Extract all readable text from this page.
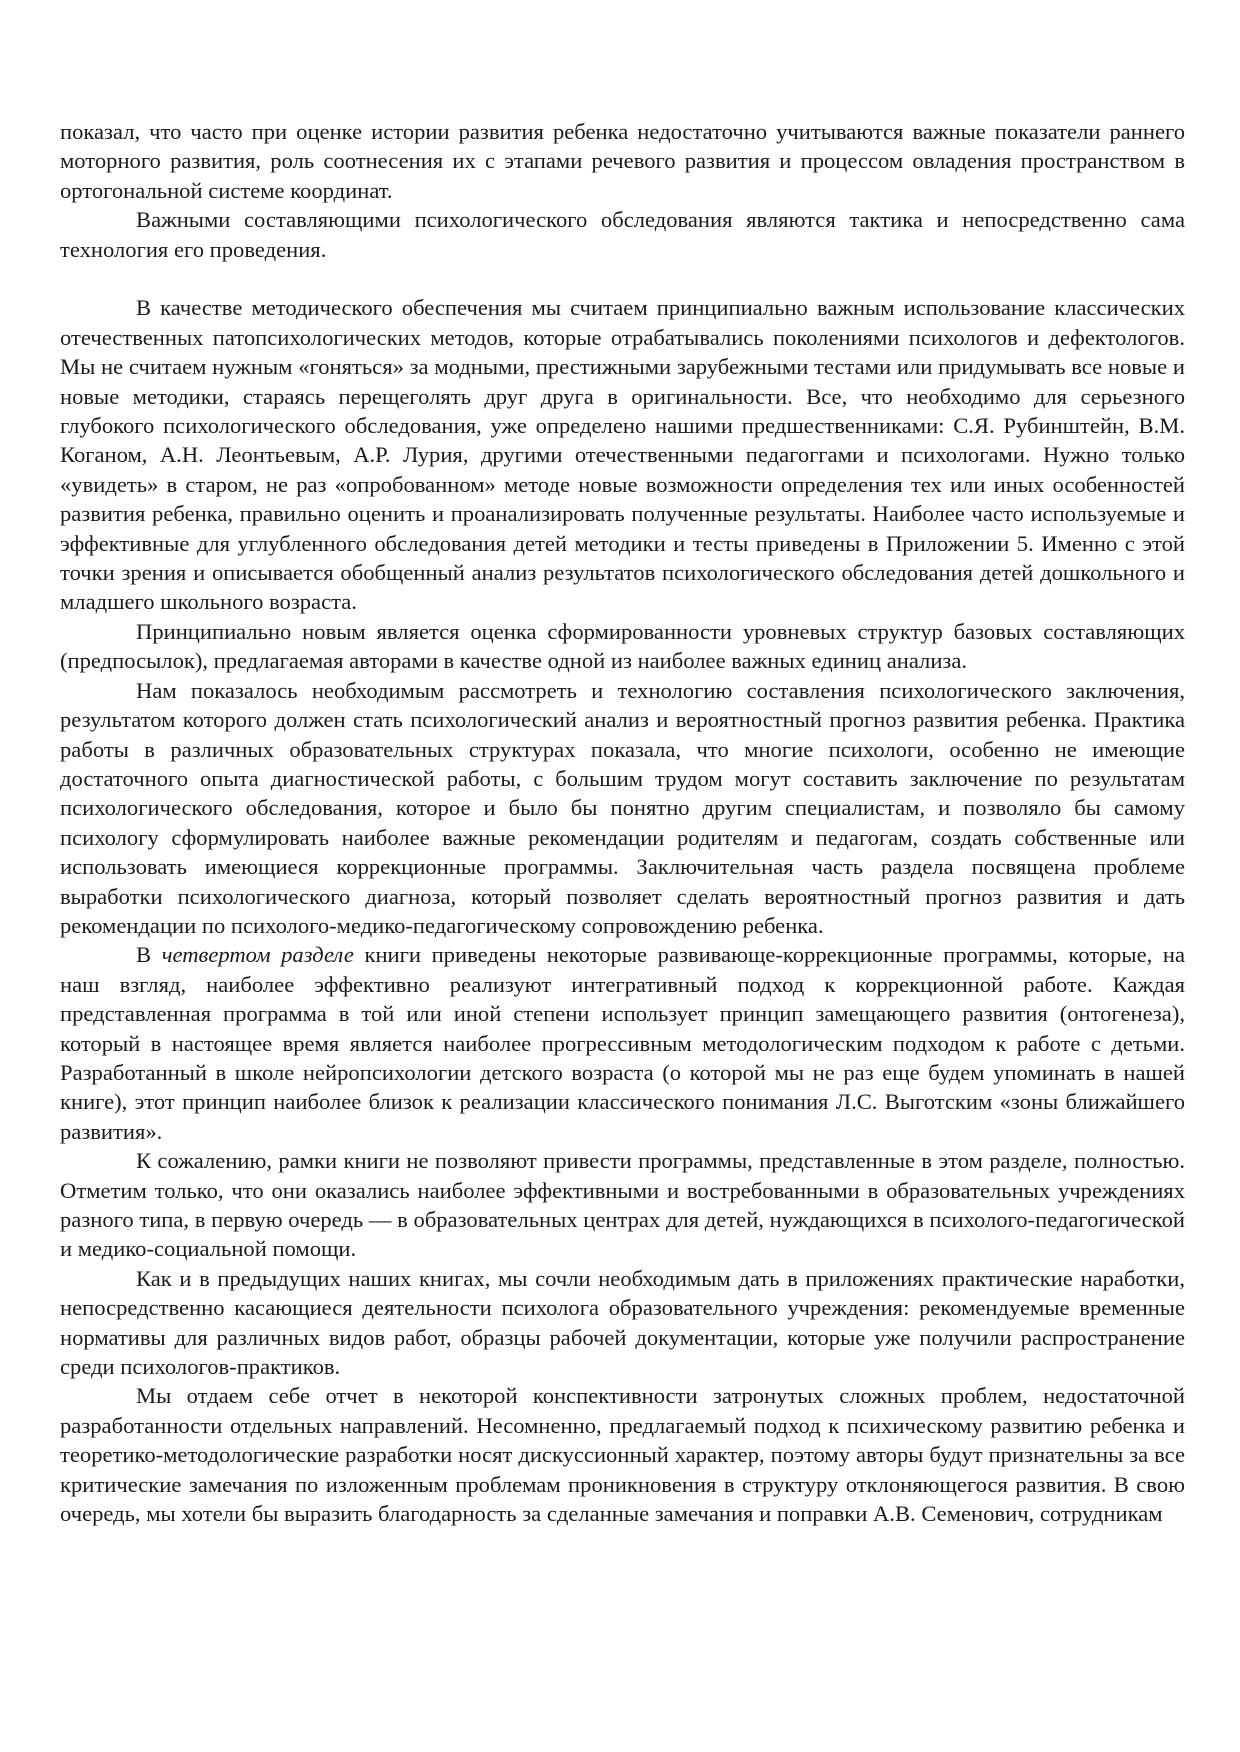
показал, что часто при оценке истории развития ребенка недостаточно учитываются важные показатели раннего моторного развития, роль соотнесения их с этапами речевого развития и процессом овладения пространством в ортогональной системе координат.

Важными составляющими психологического обследования являются тактика и непосредственно сама технология его проведения.

В качестве методического обеспечения мы считаем принципиально важным использование классических отечественных патопсихологических методов, которые отрабатывались поколениями психологов и дефектологов. Мы не считаем нужным «гоняться» за модными, престижными зарубежными тестами или придумывать все новые и новые методики, стараясь перещеголять друг друга в оригинальности. Все, что необходимо для серьезного глубокого психологического обследования, уже определено нашими предшественниками: С.Я. Рубинштейн, В.М. Коганом, А.Н. Леонтьевым, А.Р. Лурия, другими отечественными педагоггами и психологами. Нужно только «увидеть» в старом, не раз «опробованном» методе новые возможности определения тех или иных особенностей развития ребенка, правильно оценить и проанализировать полученные результаты. Наиболее часто используемые и эффективные для углубленного обследования детей методики и тесты приведены в Приложении 5. Именно с этой точки зрения и описывается обобщенный анализ результатов психологического обследования детей дошкольного и младшего школьного возраста.

Принципиально новым является оценка сформированности уровневых структур базовых составляющих (предпосылок), предлагаемая авторами в качестве одной из наиболее важных единиц анализа.

Нам показалось необходимым рассмотреть и технологию составления психологического заключения, результатом которого должен стать психологический анализ и вероятностный прогноз развития ребенка. Практика работы в различных образовательных структурах показала, что многие психологи, особенно не имеющие достаточного опыта диагностической работы, с большим трудом могут составить заключение по результатам психологического обследования, которое и было бы понятно другим специалистам, и позволяло бы самому психологу сформулировать наиболее важные рекомендации родителям и педагогам, создать собственные или использовать имеющиеся коррекционные программы. Заключительная часть раздела посвящена проблеме выработки психологического диагноза, который позволяет сделать вероятностный прогноз развития и дать рекомендации по психолого-медико-педагогическому сопровождению ребенка.

В четвертом разделе книги приведены некоторые развивающе-коррекционные программы, которые, на наш взгляд, наиболее эффективно реализуют интегративный подход к коррекционной работе. Каждая представленная программа в той или иной степени использует принцип замещающего развития (онтогенеза), который в настоящее время является наиболее прогрессивным методологическим подходом к работе с детьми. Разработанный в школе нейропсихологии детского возраста (о которой мы не раз еще будем упоминать в нашей книге), этот принцип наиболее близок к реализации классического понимания Л.С. Выготским «зоны ближайшего развития».

К сожалению, рамки книги не позволяют привести программы, представленные в этом разделе, полностью. Отметим только, что они оказались наиболее эффективными и востребованными в образовательных учреждениях разного типа, в первую очередь — в образовательных центрах для детей, нуждающихся в психолого-педагогической и медико-социальной помощи.

Как и в предыдущих наших книгах, мы сочли необходимым дать в приложениях практические наработки, непосредственно касающиеся деятельности психолога образовательного учреждения: рекомендуемые временные нормативы для различных видов работ, образцы рабочей документации, которые уже получили распространение среди психологов-практиков.

Мы отдаем себе отчет в некоторой конспективности затронутых сложных проблем, недостаточной разработанности отдельных направлений. Несомненно, предлагаемый подход к психическому развитию ребенка и теоретико-методологические разработки носят дискуссионный характер, поэтому авторы будут признательны за все критические замечания по изложенным проблемам проникновения в структуру отклоняющегося развития. В свою очередь, мы хотели бы выразить благодарность за сделанные замечания и поправки А.В. Семенович, сотрудникам
